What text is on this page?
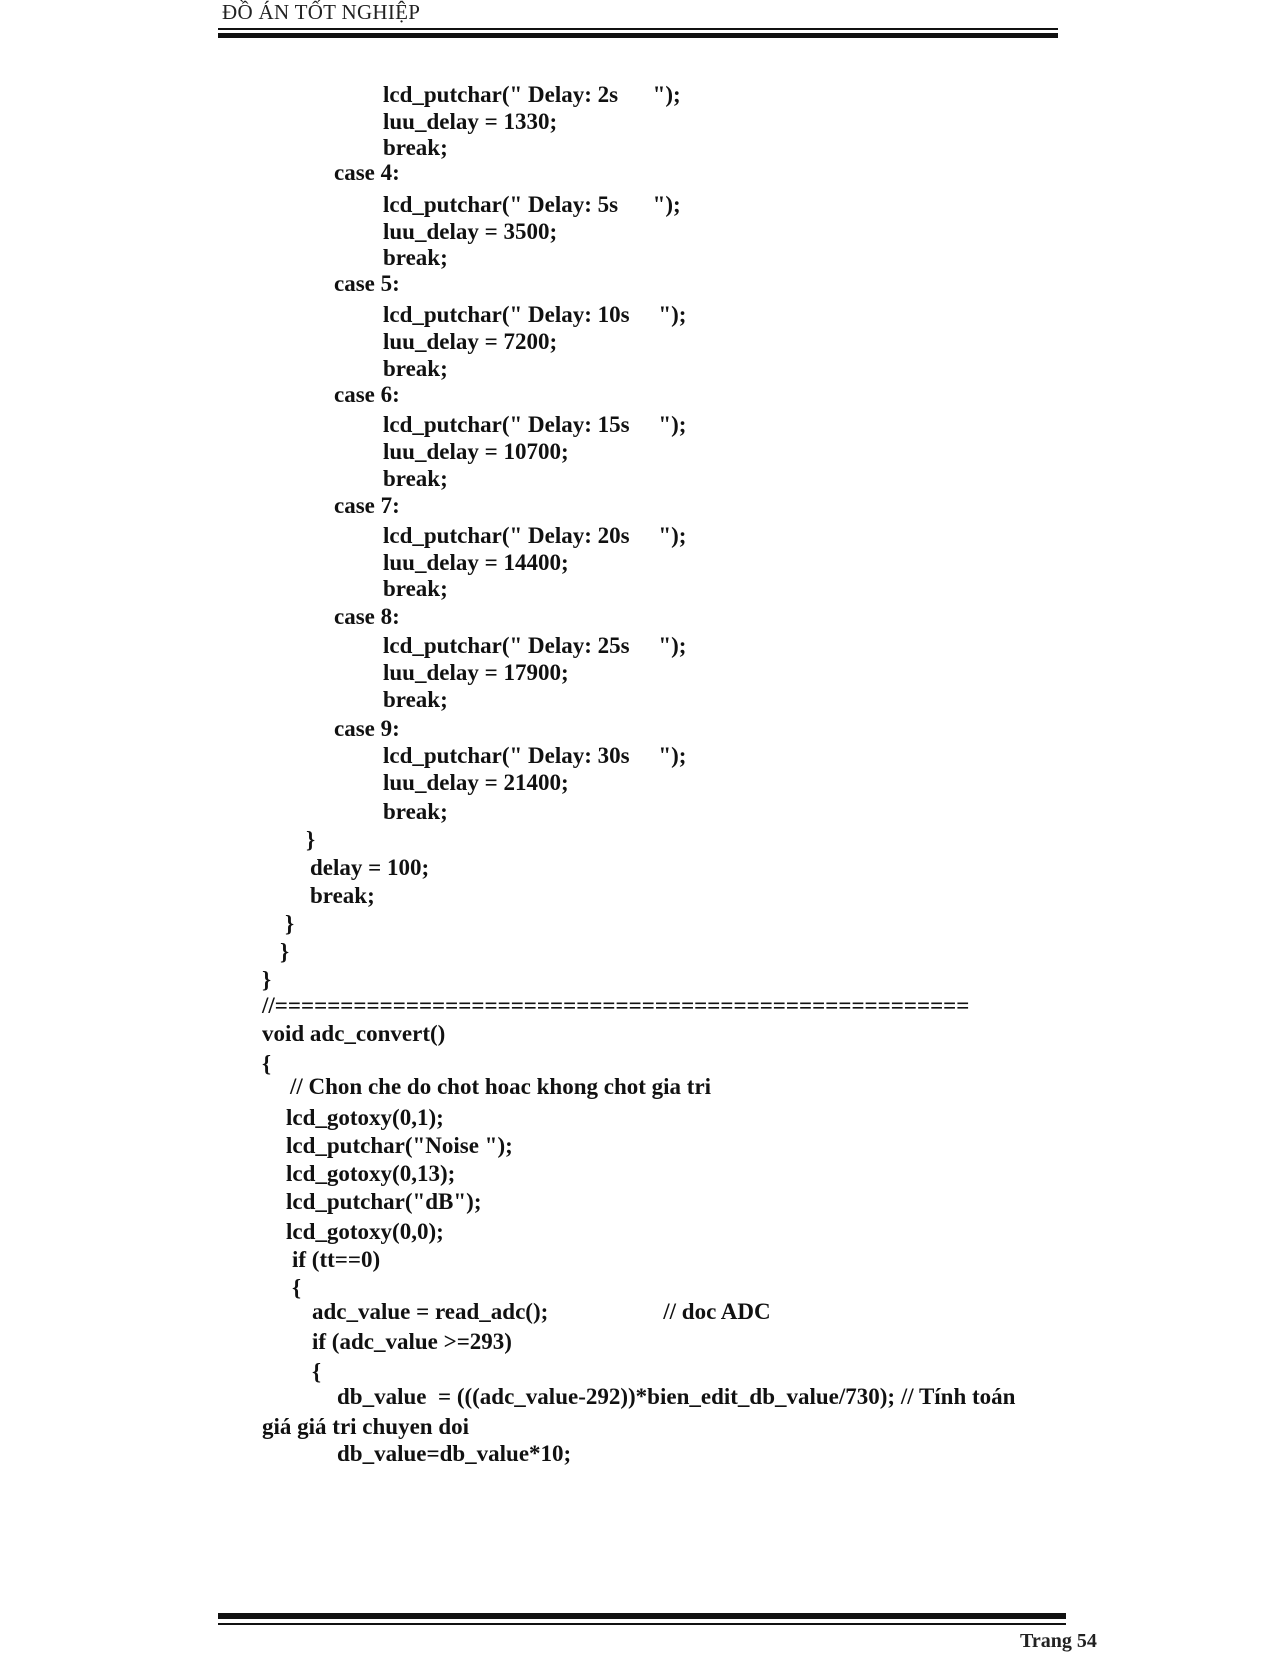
ĐỒ ÁN TỐT NGHIỆP
lcd_putchar(" Delay: 2s      ");
luu_delay = 1330;
break;
case 4:
lcd_putchar(" Delay: 5s      ");
luu_delay = 3500;
break;
case 5:
lcd_putchar(" Delay: 10s     ");
luu_delay = 7200;
break;
case 6:
lcd_putchar(" Delay: 15s     ");
luu_delay = 10700;
break;
case 7:
lcd_putchar(" Delay: 20s     ");
luu_delay = 14400;
break;
case 8:
lcd_putchar(" Delay: 25s     ");
luu_delay = 17900;
break;
case 9:
lcd_putchar(" Delay: 30s     ");
luu_delay = 21400;
break;
}
delay = 100;
break;
}
}
}
//=====================================================
void adc_convert()
{
// Chon che do chot hoac khong chot gia tri
lcd_gotoxy(0,1);
lcd_putchar("Noise ");
lcd_gotoxy(0,13);
lcd_putchar("dB");
lcd_gotoxy(0,0);
if (tt==0)
{
adc_value = read_adc();                    // doc ADC
if (adc_value >=293)
{
db_value  = (((adc_value-292))*bien_edit_db_value/730); // Tính toán
giá giá tri chuyen doi
db_value=db_value*10;
Trang 54
